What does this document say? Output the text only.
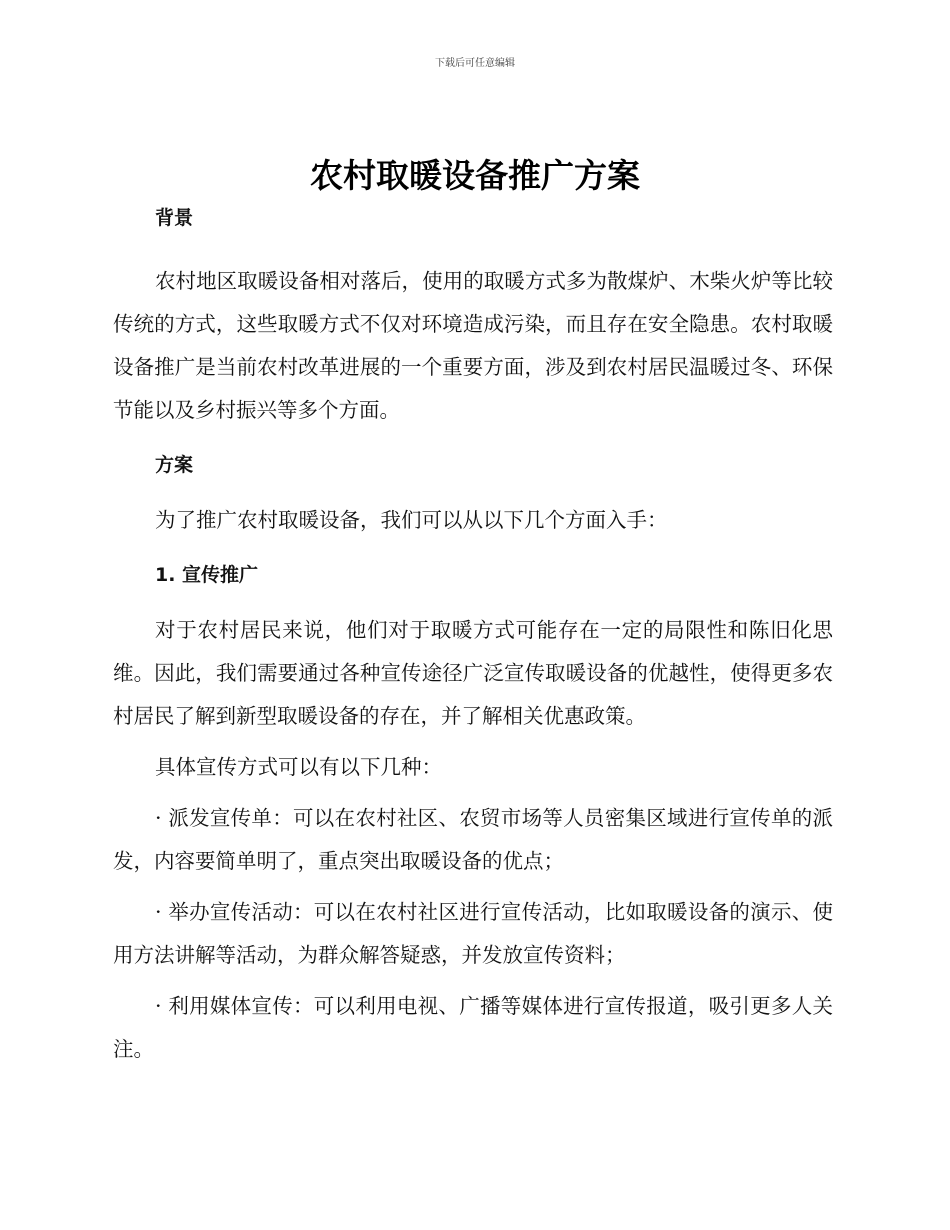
下载后可任意编辑
农村取暖设备推广方案
背景

农村地区取暖设备相对落后，使用的取暖方式多为散煤炉、木柴火炉等比较传统的方式，这些取暖方式不仅对环境造成污染，而且存在安全隐患。农村取暖设备推广是当前农村改革进展的一个重要方面，涉及到农村居民温暖过冬、环保节能以及乡村振兴等多个方面。

方案

为了推广农村取暖设备，我们可以从以下几个方面入手：

1. 宣传推广

对于农村居民来说，他们对于取暖方式可能存在一定的局限性和陈旧化思维。因此，我们需要通过各种宣传途径广泛宣传取暖设备的优越性，使得更多农村居民了解到新型取暖设备的存在，并了解相关优惠政策。

具体宣传方式可以有以下几种：

· 派发宣传单：可以在农村社区、农贸市场等人员密集区域进行宣传单的派发，内容要简单明了，重点突出取暖设备的优点；

· 举办宣传活动：可以在农村社区进行宣传活动，比如取暖设备的演示、使用方法讲解等活动，为群众解答疑惑，并发放宣传资料；

· 利用媒体宣传：可以利用电视、广播等媒体进行宣传报道，吸引更多人关注。
